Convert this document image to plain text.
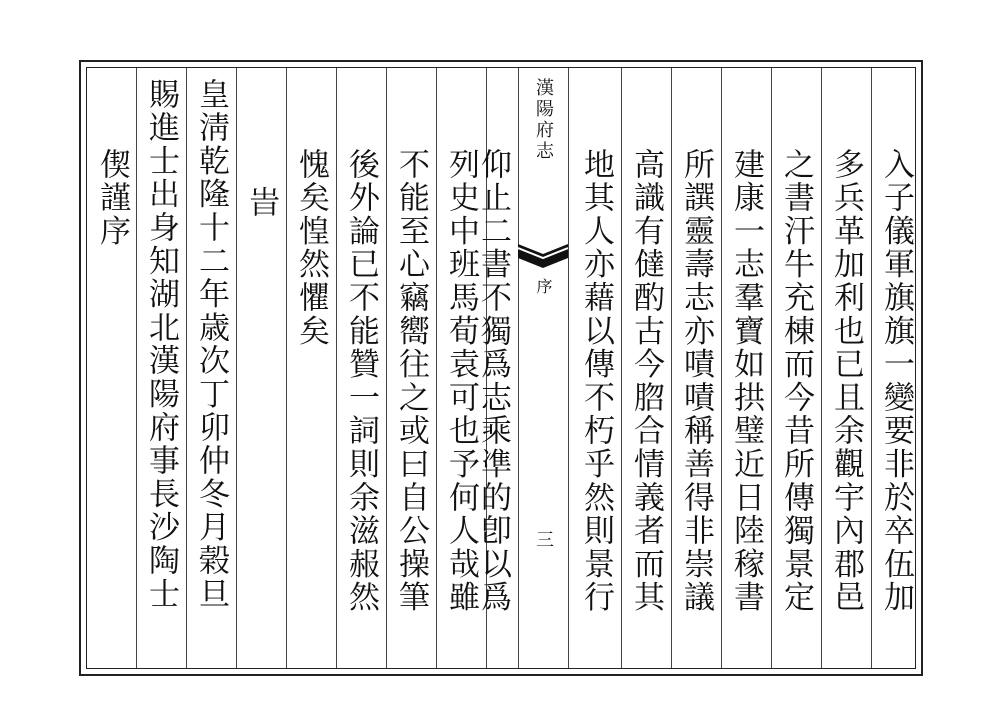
入子儀軍旗旗一變要非於卒伍加
多兵革加利也已且余觀宇內郡邑
之書汗牛充棟而今昔所傳獨景定
建康一志羣寶如拱璧近日陸稼書
所譔靈壽志亦嘖嘖稱善得非崇議
高識有㒓酌古今脗合情義者而其
地其人亦藉以傳不朽乎然則景行
漢陽府志
序
三
仰止二書不獨爲志乘凖的卽以爲
列史中班馬荀袁可也予何人哉雖
不能至心竊嚮往之或曰自公操筆
後外論已不能贊一詞則余滋赧然
愧矣惶然懼矣
旹
皇淸乾隆十二年歳次丁卯仲冬月榖旦
賜進士出身知湖北漢陽府事長沙陶士
偰謹序
